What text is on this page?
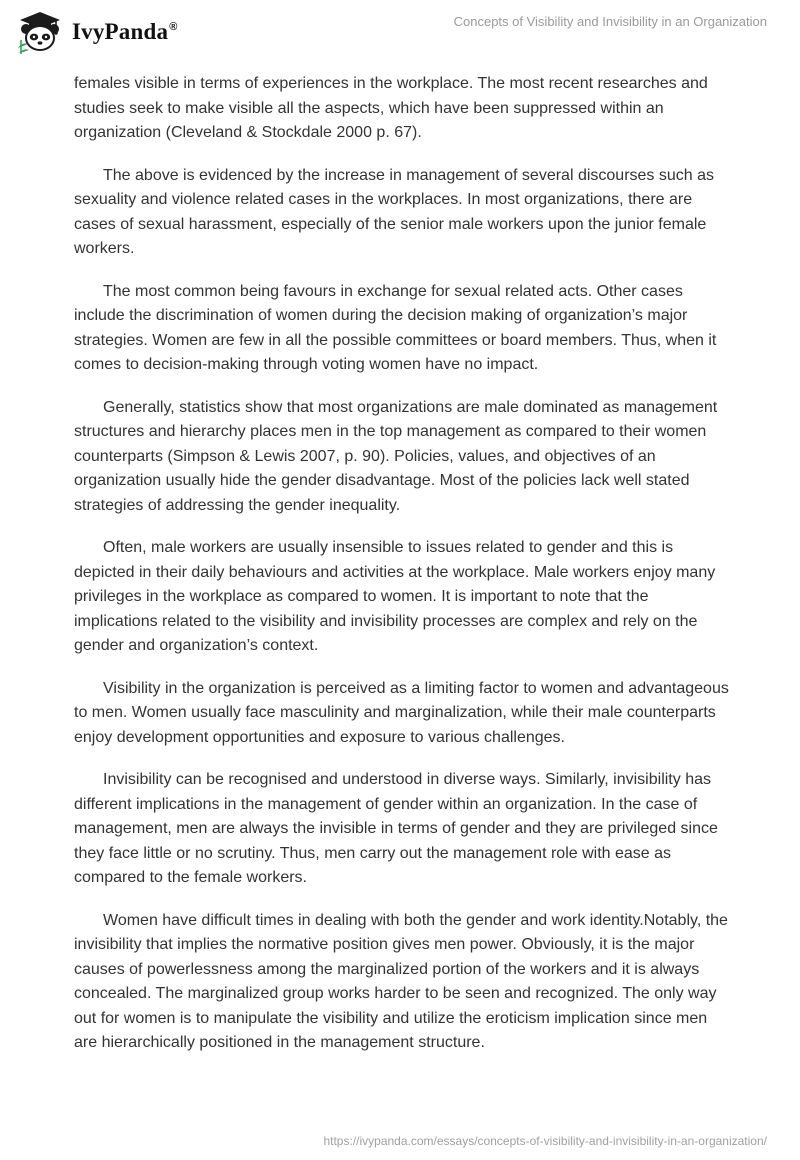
IvyPanda®	Concepts of Visibility and Invisibility in an Organization

females visible in terms of experiences in the workplace. The most recent researches and studies seek to make visible all the aspects, which have been suppressed within an organization (Cleveland & Stockdale 2000 p. 67).

The above is evidenced by the increase in management of several discourses such as sexuality and violence related cases in the workplaces. In most organizations, there are cases of sexual harassment, especially of the senior male workers upon the junior female workers.

The most common being favours in exchange for sexual related acts. Other cases include the discrimination of women during the decision making of organization’s major strategies. Women are few in all the possible committees or board members. Thus, when it comes to decision-making through voting women have no impact.

Generally, statistics show that most organizations are male dominated as management structures and hierarchy places men in the top management as compared to their women counterparts (Simpson & Lewis 2007, p. 90). Policies, values, and objectives of an organization usually hide the gender disadvantage. Most of the policies lack well stated strategies of addressing the gender inequality.

Often, male workers are usually insensible to issues related to gender and this is depicted in their daily behaviours and activities at the workplace. Male workers enjoy many privileges in the workplace as compared to women. It is important to note that the implications related to the visibility and invisibility processes are complex and rely on the gender and organization’s context.

Visibility in the organization is perceived as a limiting factor to women and advantageous to men. Women usually face masculinity and marginalization, while their male counterparts enjoy development opportunities and exposure to various challenges.

Invisibility can be recognised and understood in diverse ways. Similarly, invisibility has different implications in the management of gender within an organization. In the case of management, men are always the invisible in terms of gender and they are privileged since they face little or no scrutiny. Thus, men carry out the management role with ease as compared to the female workers.

Women have difficult times in dealing with both the gender and work identity.Notably, the invisibility that implies the normative position gives men power. Obviously, it is the major causes of powerlessness among the marginalized portion of the workers and it is always concealed. The marginalized group works harder to be seen and recognized. The only way out for women is to manipulate the visibility and utilize the eroticism implication since men are hierarchically positioned in the management structure.

https://ivypanda.com/essays/concepts-of-visibility-and-invisibility-in-an-organization/
